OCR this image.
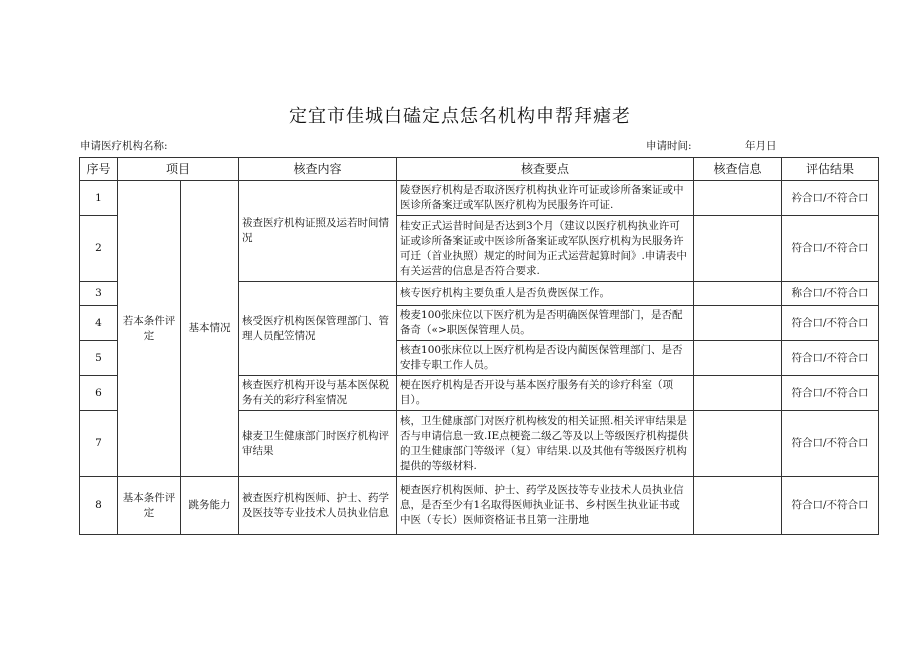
定宜市佳城白磕定点恁名机构申帮拜瘧老
申请医疗机构名称:	申请时间:	年月日
序号	项目		核查内容	核查要点	核查信息	评估结果
1	若本条件评定	基本情况	祓查医疗机构证照及运若时间情况	陵登医疗机构是否取济医疗机构执业许可证或诊所备案证或中医诊所备案迂或军队医疗机构为民服务许可证.		衿合口/不符合口
2				桂安正式运昔时间是否达到3个月（建议以医疗机构执业许可证或诊所备案证或中医诊所备案证或军队医疗机构为民服务许可迁（首业执照）规定的时间为正式运营起算时间》.申请表中有关运营的信息是否符合要求.		符合口/不符合口
3			核受医疗机构医保管理部门、管理人员配笠情况	核专医疗机构主要负重人是否负费医保工作。		称合口/不符合口
4				梭麦100张床位以下医疗机为是否明确医保管理部门，是否配备奇（«>职医保管理人员。		符合口/不符合口
5				核查100张床位以上医疗机构是否设内蔺医保管理部门、是否安排专职工作人员。		符合口/不符合口
6			核查医疗机构开设与基本医保税务有关的彩疗科室情况	梗在医疗机构是否开设与基本医疗服务有关的诊疗科室（项目）。		符合口/不符合口
7			棣麦卫生健康部门时医疗机构评审结果	核，卫生健康部门对医疗机构核发的相关证照.相关评审结果是否与申请信息一致.IE点梗瓷二级乙等及以上等级医疗机构提供的卫生健康部门等级评（复）审结果.以及其他有等级医疗机构提供的等级材料.		符合口/不符合口
8	基本条件评定	跳务能力	被查医疗机构医师、护士、药学及医技等专业技术人员执业信息	梗查医疗机构医师、护士、药学及医技等专业技术人员执业信息，是否至少有1名取得医师执业证书、乡村医生执业证书或中医（专长）医师资格证书且第一注册地		符合口/不符合口
